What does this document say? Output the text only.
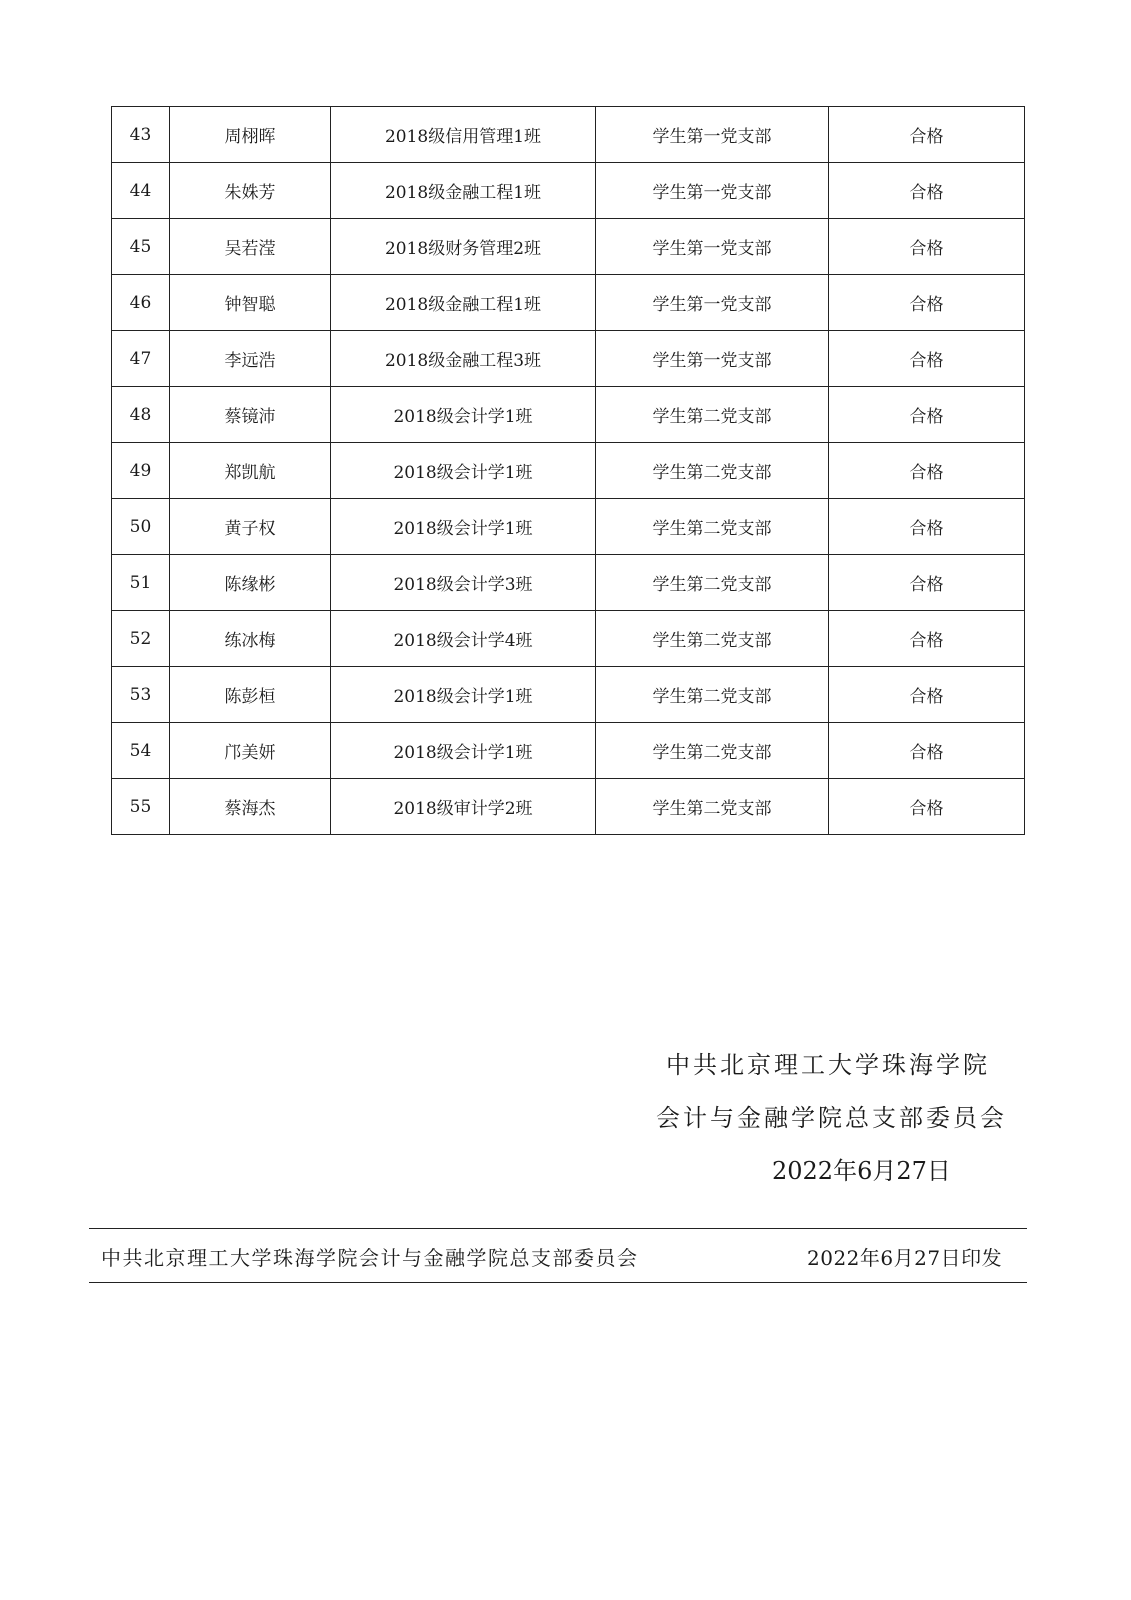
43	周栩晖	2018级信用管理1班	学生第一党支部	合格
44	朱姝芳	2018级金融工程1班	学生第一党支部	合格
45	吴若滢	2018级财务管理2班	学生第一党支部	合格
46	钟智聪	2018级金融工程1班	学生第一党支部	合格
47	李远浩	2018级金融工程3班	学生第一党支部	合格
48	蔡镜沛	2018级会计学1班	学生第二党支部	合格
49	郑凯航	2018级会计学1班	学生第二党支部	合格
50	黄子权	2018级会计学1班	学生第二党支部	合格
51	陈缘彬	2018级会计学3班	学生第二党支部	合格
52	练冰梅	2018级会计学4班	学生第二党支部	合格
53	陈彭桓	2018级会计学1班	学生第二党支部	合格
54	邝美妍	2018级会计学1班	学生第二党支部	合格
55	蔡海杰	2018级审计学2班	学生第二党支部	合格
中共北京理工大学珠海学院
会计与金融学院总支部委员会
2022年6月27日
中共北京理工大学珠海学院会计与金融学院总支部委员会	2022年6月27日印发
